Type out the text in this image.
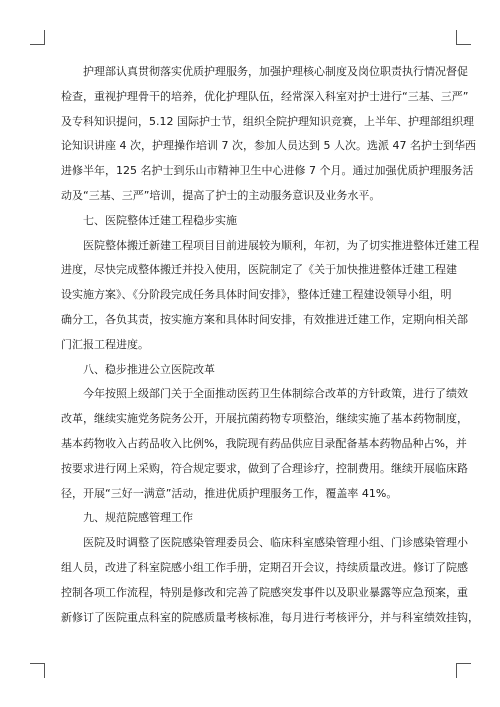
护理部认真贯彻落实优质护理服务，加强护理核心制度及岗位职责执行情况督促
检查，重视护理骨干的培养，优化护理队伍，经常深入科室对护士进行“三基、三严”
及专科知识提问，5.12 国际护士节，组织全院护理知识竞赛，上半年、护理部组织理
论知识讲座 4 次，护理操作培训 7 次，参加人员达到 5 人次。选派 47 名护士到华西
进修半年，125 名护士到乐山市精神卫生中心进修 7 个月。通过加强优质护理服务活
动及“三基、三严”培训，提高了护士的主动服务意识及业务水平。

七、医院整体迁建工程稳步实施

医院整体搬迁新建工程项目目前进展较为顺利，年初，为了切实推进整体迁建工程
进度，尽快完成整体搬迁并投入使用，医院制定了《关于加快推进整体迁建工程建
设实施方案》、《分阶段完成任务具体时间安排》，整体迁建工程建设领导小组，明
确分工，各负其责，按实施方案和具体时间安排，有效推进迁建工作，定期向相关部
门汇报工程进度。

八、稳步推进公立医院改革

今年按照上级部门关于全面推动医药卫生体制综合改革的方针政策，进行了绩效
改革，继续实施党务院务公开，开展抗菌药物专项整治，继续实施了基本药物制度，
基本药物收入占药品收入比例%，我院现有药品供应目录配备基本药物品种占%，并
按要求进行网上采购，符合规定要求，做到了合理诊疗，控制费用。继续开展临床路
径，开展“三好一满意”活动，推进优质护理服务工作，覆盖率 41%。

九、规范院感管理工作

医院及时调整了医院感染管理委员会、临床科室感染管理小组、门诊感染管理小
组人员，改进了科室院感小组工作手册，定期召开会议，持续质量改进。修订了院感
控制各项工作流程，特别是修改和完善了院感突发事件以及职业暴露等应急预案，重
新修订了医院重点科室的院感质量考核标准，每月进行考核评分，并与科室绩效挂钩，
